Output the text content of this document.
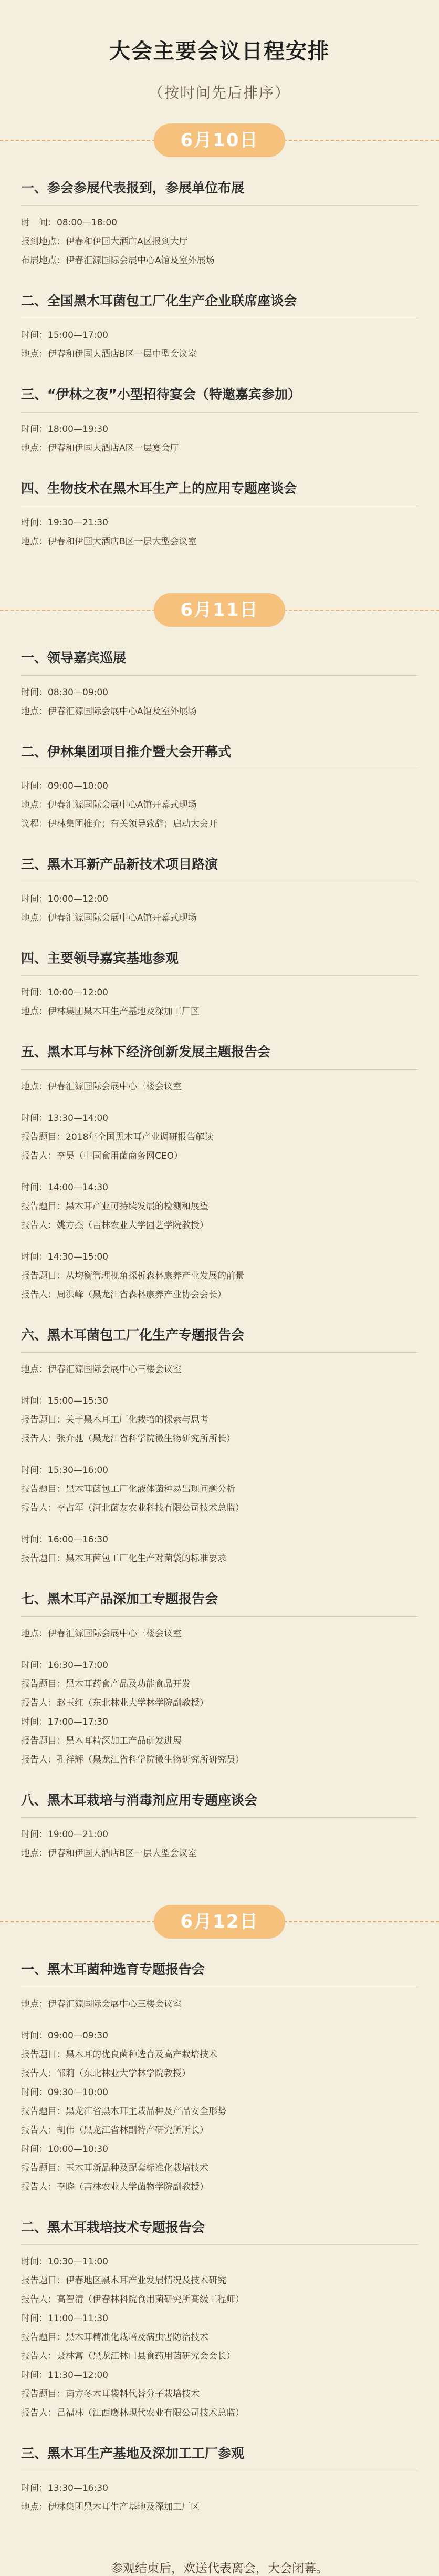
大会主要会议日程安排

（按时间先后排序）

6月10日
一、参会参展代表报到，参展单位布展
时　间：08:00—18:00
报到地点：伊春和伊国大酒店A区报到大厅
布展地点：伊春汇源国际会展中心A馆及室外展场
二、全国黑木耳菌包工厂化生产企业联席座谈会
时间：15:00—17:00
地点：伊春和伊国大酒店B区一层中型会议室
三、“伊林之夜”小型招待宴会（特邀嘉宾参加）
时间：18:00—19:30
地点：伊春和伊国大酒店A区一层宴会厅
四、生物技术在黑木耳生产上的应用专题座谈会
时间：19:30—21:30
地点：伊春和伊国大酒店B区一层大型会议室
6月11日
一、领导嘉宾巡展
时间：08:30—09:00
地点：伊春汇源国际会展中心A馆及室外展场
二、伊林集团项目推介暨大会开幕式
时间：09:00—10:00
地点：伊春汇源国际会展中心A馆开幕式现场
议程：伊林集团推介；有关领导致辞；启动大会开
三、黑木耳新产品新技术项目路演
时间：10:00—12:00
地点：伊春汇源国际会展中心A馆开幕式现场
四、主要领导嘉宾基地参观
时间：10:00—12:00
地点：伊林集团黑木耳生产基地及深加工厂区
五、黑木耳与林下经济创新发展主题报告会
地点：伊春汇源国际会展中心三楼会议室
时间：13:30—14:00
报告题目：2018年全国黑木耳产业调研报告解读
报告人：李昊（中国食用菌商务网CEO）
时间：14:00—14:30
报告题目：黑木耳产业可持续发展的检测和展望
报告人：姚方杰（吉林农业大学园艺学院教授）
时间：14:30—15:00
报告题目：从均衡管理视角探析森林康养产业发展的前景
报告人：周洪峰（黑龙江省森林康养产业协会会长）
六、黑木耳菌包工厂化生产专题报告会
地点：伊春汇源国际会展中心三楼会议室
时间：15:00—15:30
报告题目：关于黑木耳工厂化栽培的探索与思考
报告人：张介驰（黑龙江省科学院微生物研究所所长）
时间：15:30—16:00
报告题目：黑木耳菌包工厂化液体菌种易出现问题分析
报告人：李占军（河北菌友农业科技有限公司技术总监）
时间：16:00—16:30
报告题目：黑木耳菌包工厂化生产对菌袋的标准要求
七、黑木耳产品深加工专题报告会
地点：伊春汇源国际会展中心三楼会议室
时间：16:30—17:00
报告题目：黑木耳药食产品及功能食品开发
报告人：赵玉红（东北林业大学林学院副教授）
时间：17:00—17:30
报告题目：黑木耳精深加工产品研发进展
报告人：孔祥辉（黑龙江省科学院微生物研究所研究员）
八、黑木耳栽培与消毒剂应用专题座谈会
时间：19:00—21:00
地点：伊春和伊国大酒店B区一层大型会议室
6月12日
一、黑木耳菌种选育专题报告会
地点：伊春汇源国际会展中心三楼会议室
时间：09:00—09:30
报告题目：黑木耳的优良菌种选育及高产栽培技术
报告人：邹莉（东北林业大学林学院教授）
时间：09:30—10:00
报告题目：黑龙江省黑木耳主栽品种及产品安全形势
报告人：胡伟（黑龙江省林副特产研究所所长）
时间：10:00—10:30
报告题目：玉木耳新品种及配套标准化栽培技术
报告人：李晓（吉林农业大学菌物学院副教授）
二、黑木耳栽培技术专题报告会
时间：10:30—11:00
报告题目：伊春地区黑木耳产业发展情况及技术研究
报告人：高智清（伊春林科院食用菌研究所高级工程师）
时间：11:00—11:30
报告题目：黑木耳精准化栽培及病虫害防治技术
报告人：聂林富（黑龙江林口县食药用菌研究会会长）
时间：11:30—12:00
报告题目：南方冬木耳袋料代替分子栽培技术
报告人：吕福林（江西鹰林现代农业有限公司技术总监）
三、黑木耳生产基地及深加工工厂参观
时间：13:30—16:30
地点：伊林集团黑木耳生产基地及深加工厂区

参观结束后，欢送代表离会，大会闭幕。
